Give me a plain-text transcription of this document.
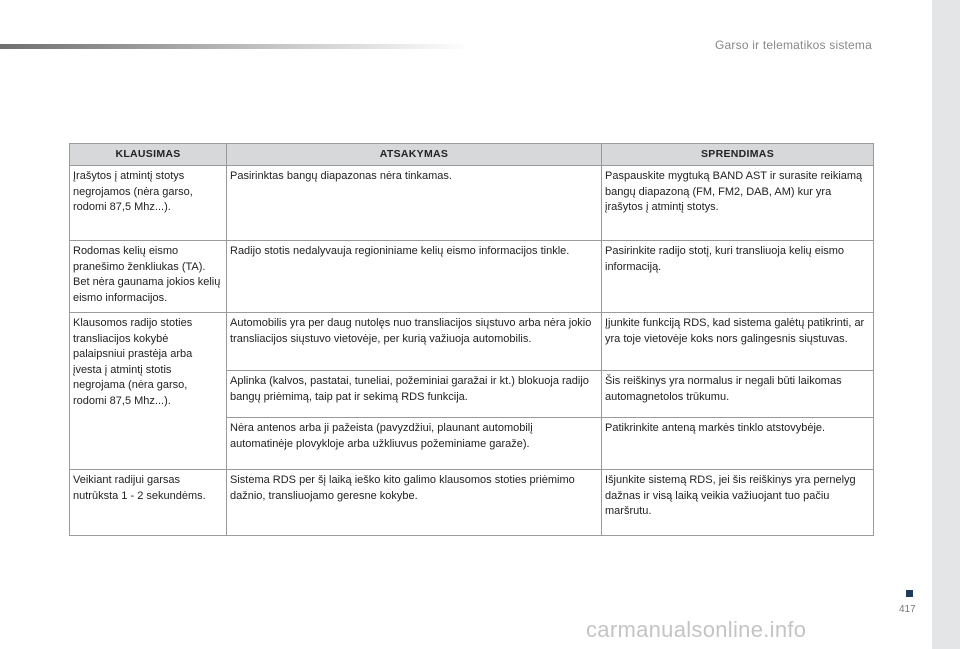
Garso ir telematikos sistema
KLAUSIMAS	ATSAKYMAS	SPRENDIMAS
Įrašytos į atmintį stotys negrojamos (nėra garso, rodomi 87,5 Mhz...).	Pasirinktas bangų diapazonas nėra tinkamas.	Paspauskite mygtuką BAND AST ir surasite reikiamą bangų diapazoną (FM, FM2, DAB, AM) kur yra įrašytos į atmintį stotys.
Rodomas kelių eismo pranešimo ženkliukas (TA). Bet nėra gaunama jokios kelių eismo informacijos.	Radijo stotis nedalyvauja regioniniame kelių eismo informacijos tinkle.	Pasirinkite radijo stotį, kuri transliuoja kelių eismo informaciją.
Klausomos radijo stoties transliacijos kokybė palaipsniui prastėja arba įvesta į atmintį stotis negrojama (nėra garso, rodomi 87,5 Mhz...).	Automobilis yra per daug nutolęs nuo transliacijos siųstuvo arba nėra jokio transliacijos siųstuvo vietovėje, per kurią važiuoja automobilis.	Įjunkite funkciją RDS, kad sistema galėtų patikrinti, ar yra toje vietovėje koks nors galingesnis siųstuvas.
	Aplinka (kalvos, pastatai, tuneliai, požeminiai garažai ir kt.) blokuoja radijo bangų priėmimą, taip pat ir sekimą RDS funkcija.	Šis reiškinys yra normalus ir negali būti laikomas automagnetolos trūkumu.
	Nėra antenos arba ji pažeista (pavyzdžiui, plaunant automobilį automatinėje plovykloje arba užkliuvus požeminiame garaže).	Patikrinkite anteną markės tinklo atstovybėje.
Veikiant radijui garsas nutrūksta 1 - 2 sekundėms.	Sistema RDS per šį laiką ieško kito galimo klausomos stoties priėmimo dažnio, transliuojamo geresne kokybe.	Išjunkite sistemą RDS, jei šis reiškinys yra pernelyg dažnas ir visą laiką veikia važiuojant tuo pačiu maršrutu.
417
carmanualsonline.info
